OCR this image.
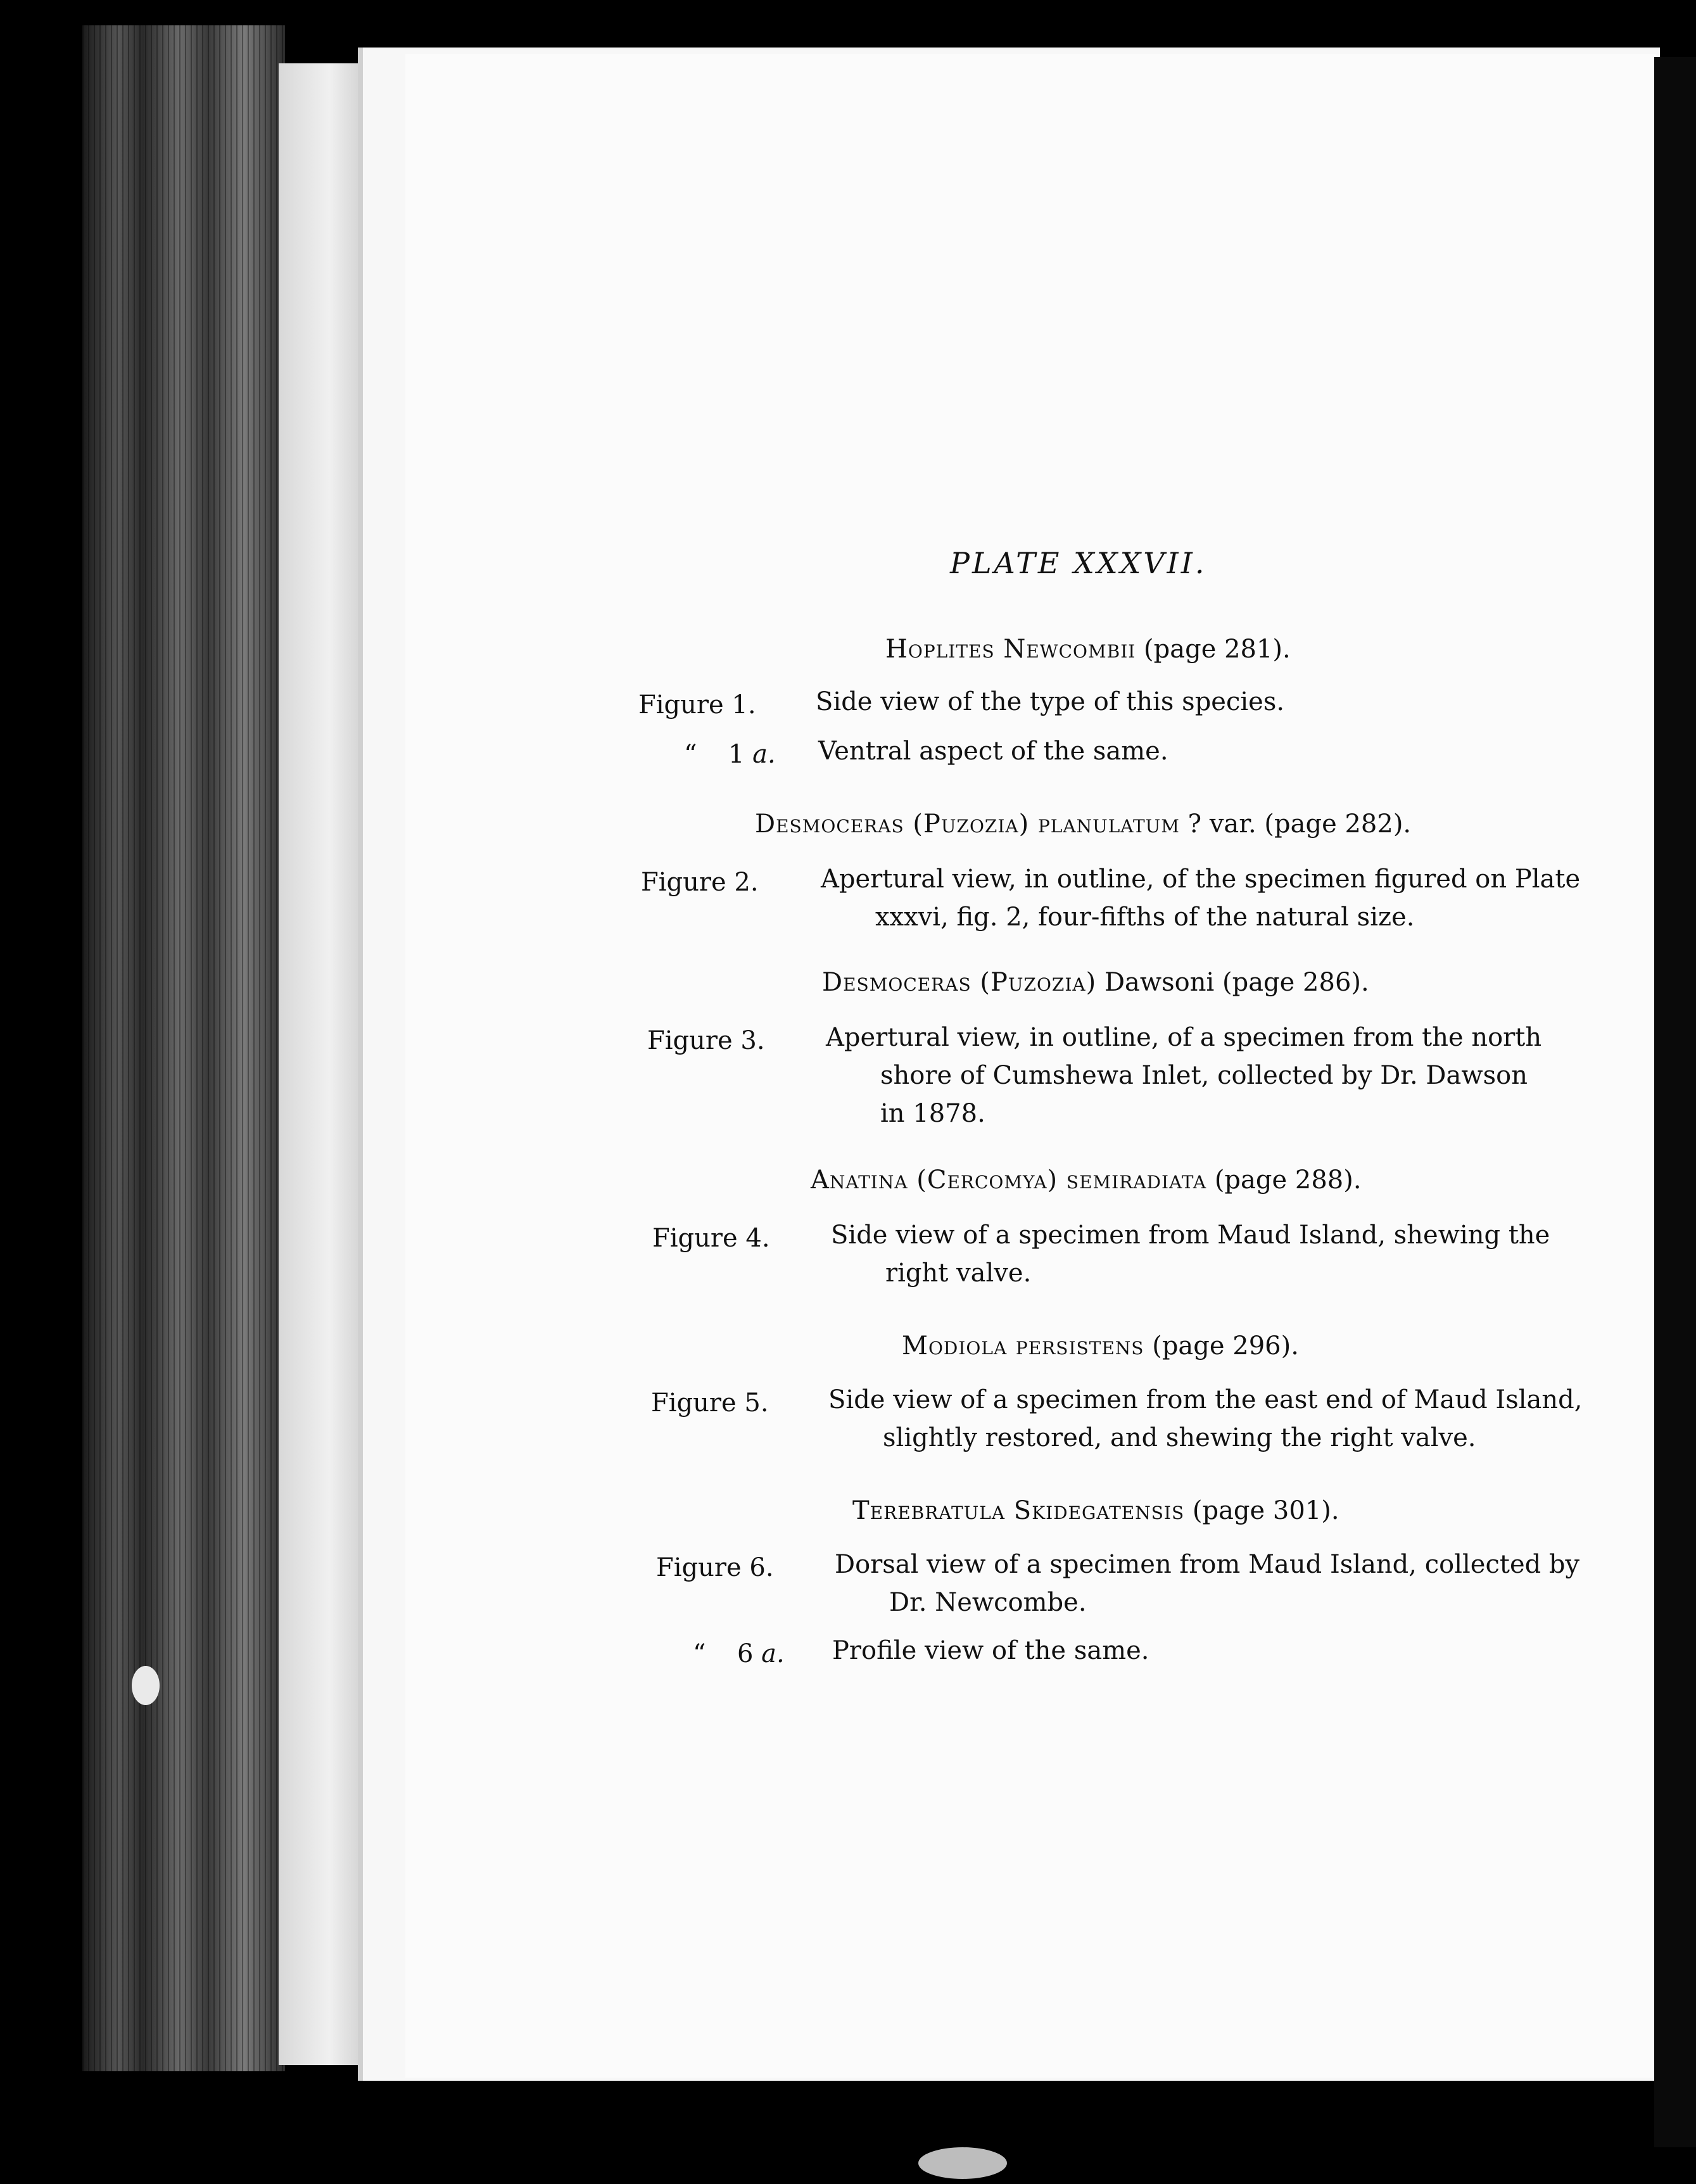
PLATE XXXVII.
Hoplites Newcombii (page 281).
Figure 1. Side view of the type of this species.
“ 1 a. Ventral aspect of the same.
Desmoceras (Puzozia) planulatum ? var. (page 282).
Figure 2. Apertural view, in outline, of the specimen figured on Plate
xxxvi, fig. 2, four-fifths of the natural size.
Desmoceras (Puzozia) Dawsoni (page 286).
Figure 3. Apertural view, in outline, of a specimen from the north
shore of Cumshewa Inlet, collected by Dr. Dawson
in 1878.
Anatina (Cercomya) semiradiata (page 288).
Figure 4. Side view of a specimen from Maud Island, shewing the
right valve.
Modiola persistens (page 296).
Figure 5. Side view of a specimen from the east end of Maud Island,
slightly restored, and shewing the right valve.
Terebratula Skidegatensis (page 301).
Figure 6. Dorsal view of a specimen from Maud Island, collected by
Dr. Newcombe.
“ 6 a. Profile view of the same.
